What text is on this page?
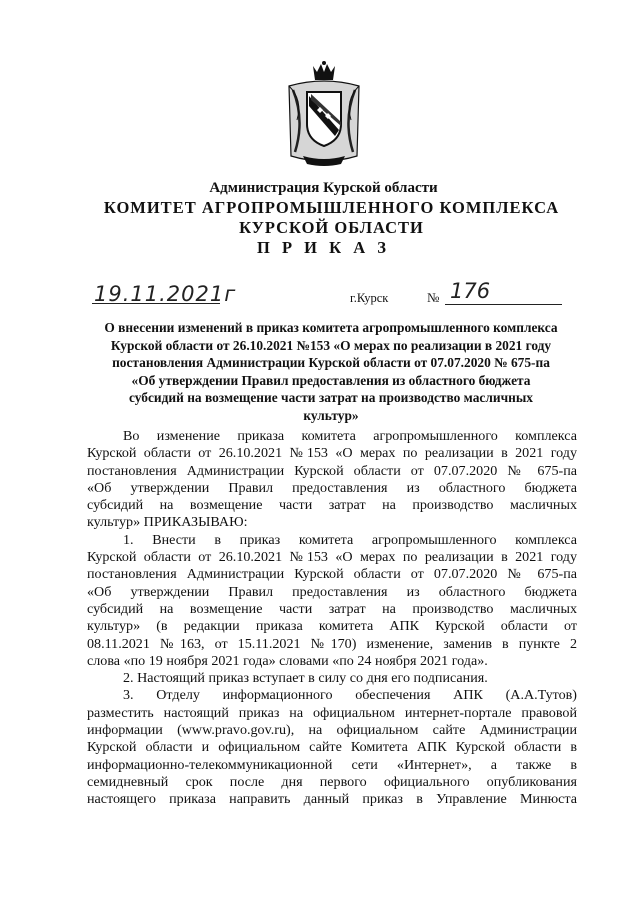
Администрация Курской области
КОМИТЕТ АГРОПРОМЫШЛЕННОГО КОМПЛЕКСА
КУРСКОЙ ОБЛАСТИ
П Р И К А З
19.11.2021г	г.Курск	№ 176
О внесении изменений в приказ комитета агропромышленного комплекса
Курской области от 26.10.2021 №153 «О мерах по реализации в 2021 году
постановления Администрации Курской области от 07.07.2020 № 675-па
«Об утверждении Правил предоставления из областного бюджета
субсидий на возмещение части затрат на производство масличных
культур»
Во изменение приказа комитета агропромышленного комплекса
Курской области от 26.10.2021 №153 «О мерах по реализации в 2021 году
постановления Администрации Курской области от 07.07.2020 № 675-па
«Об утверждении Правил предоставления из областного бюджета
субсидий на возмещение части затрат на производство масличных
культур» ПРИКАЗЫВАЮ:
1. Внести в приказ комитета агропромышленного комплекса
Курской области от 26.10.2021 №153 «О мерах по реализации в 2021 году
постановления Администрации Курской области от 07.07.2020 № 675-па
«Об утверждении Правил предоставления из областного бюджета
субсидий на возмещение части затрат на производство масличных
культур» (в редакции приказа комитета АПК Курской области от
08.11.2021 №163, от 15.11.2021 №170) изменение, заменив в пункте 2
слова «по 19 ноября 2021 года» словами «по 24 ноября 2021 года».
2. Настоящий приказ вступает в силу со дня его подписания.
3. Отделу информационного обеспечения АПК (А.А.Тутов)
разместить настоящий приказ на официальном интернет-портале правовой
информации (www.pravo.gov.ru), на официальном сайте Администрации
Курской области и официальном сайте Комитета АПК Курской области в
информационно-телекоммуникационной сети «Интернет», а также в
семидневный срок после дня первого официального опубликования
настоящего приказа направить данный приказ в Управление Минюста
